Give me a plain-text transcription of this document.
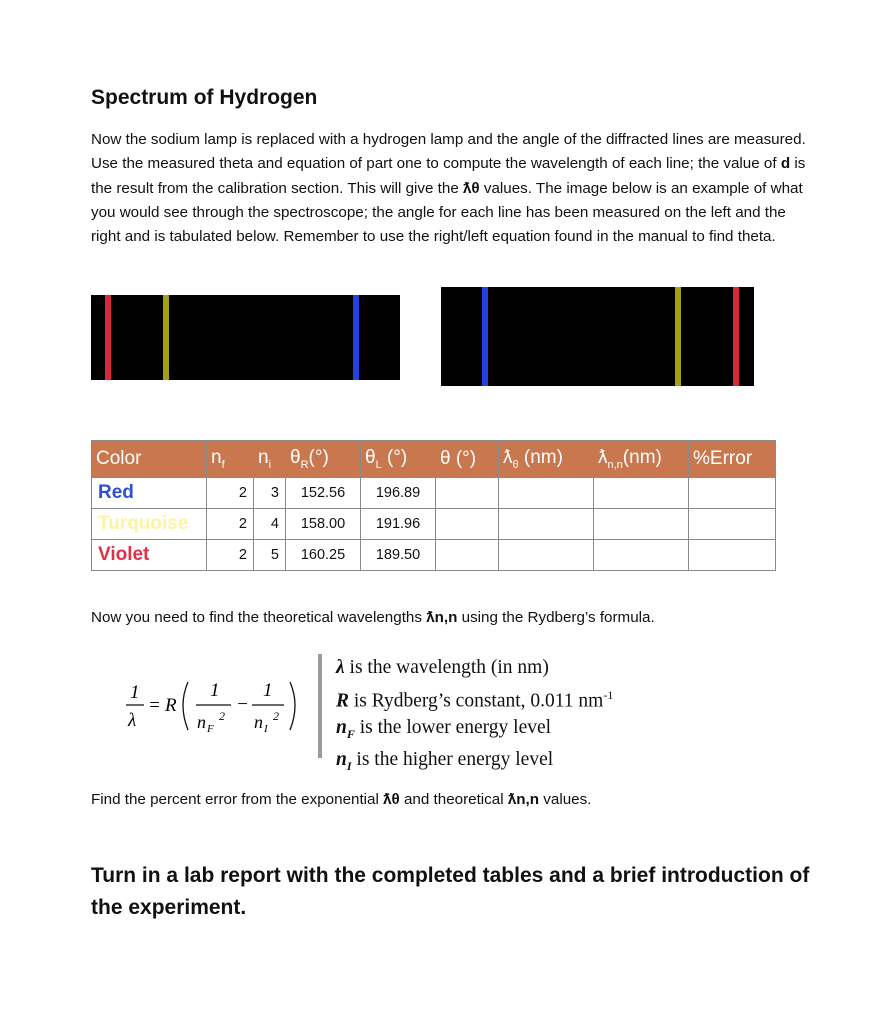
Spectrum of Hydrogen
Now the sodium lamp is replaced with a hydrogen lamp and the angle of the diffracted lines are measured. Use the measured theta and equation of part one to compute the wavelength of each line; the value of d is the result from the calibration section. This will give the ƛθ values. The image below is an example of what you would see through the spectroscope; the angle for each line has been measured on the left and the right and is tabulated below. Remember to use the right/left equation found in the manual to find theta.
Color	$n_f$	$n_i$	$\theta_R(^\circ)$	$\theta_L$ (°)	θ (°)	$ƛ_\theta$ (nm)	$ƛ_{n,n}(nm)$	%Error
Red	2	3	152.56	196.89				
Turquoise	2	4	158.00	191.96				
Violet	2	5	160.25	189.50				
Now you need to find the theoretical wavelengths ƛn,n using the Rydberg’s formula.
1
λ
= R
1
n F
2
−
1
n I
2
λ is the wavelength (in nm)
R is Rydberg’s constant, 0.011 $nm^{-1}$
$n_F$ is the lower energy level
$n_I$ is the higher energy level
Find the percent error from the exponential ƛθ and theoretical ƛn,n values.
Turn in a lab report with the completed tables and a brief introduction of the experiment.
